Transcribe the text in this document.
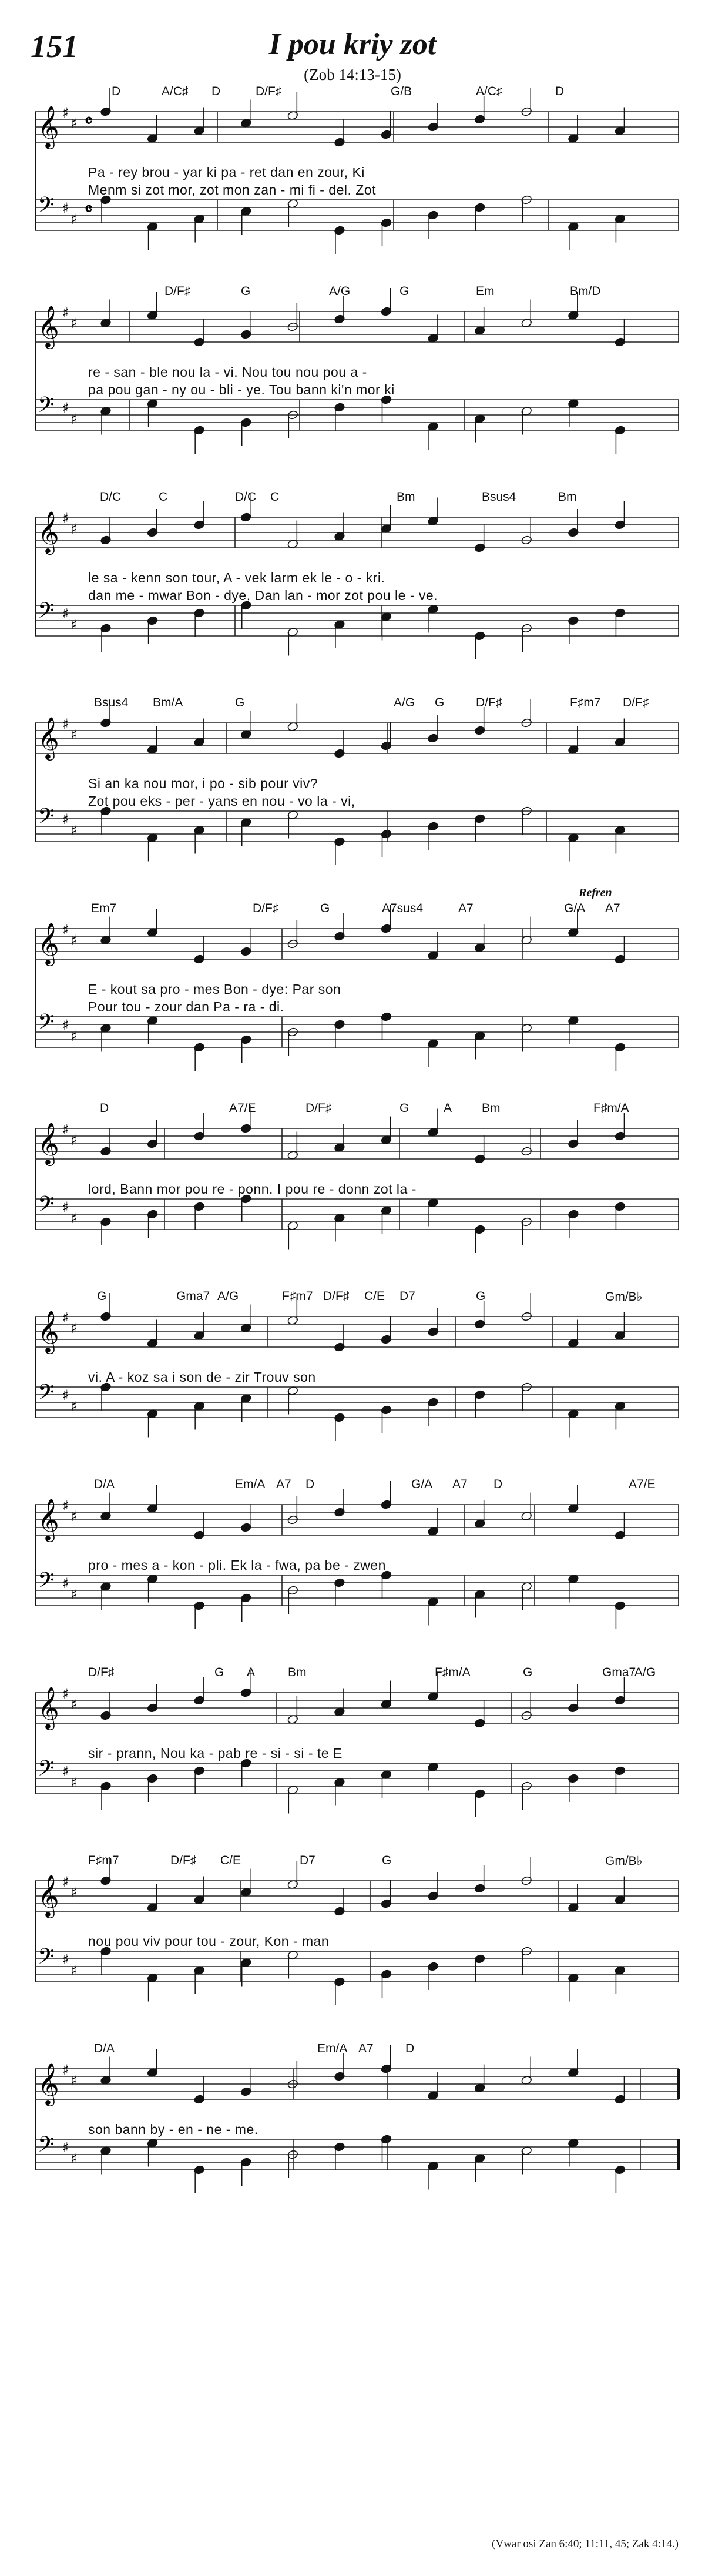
151	I pou kriy zot
(Zob 14:13-15)
Refren
𝄞 ♯
♯ 𝄴
𝄢 ♯
♯ 𝄴
D	A/C♯ D	D/F♯	G/B	A/C♯	D
Pa - rey brou - yar ki pa - ret dan en zour, Ki
Menm si zot mor, zot mon zan - mi fi - del. Zot
𝄞 ♯
♯
𝄢 ♯
♯
D/F♯	G	A/G	G	Em	Bm/D
re - san - ble nou la - vi. Nou tou nou pou a -
pa pou gan - ny ou - bli - ye. Tou bann ki'n mor ki
𝄞 ♯
♯
𝄢 ♯
♯
D/C	C	D/C C	Bm	Bsus4	Bm
le sa - kenn son tour, A - vek larm ek le - o - kri.
dan me - mwar Bon - dye, Dan lan - mor zot pou le - ve.
𝄞 ♯
♯
𝄢 ♯
♯
Bsus4 Bm/A	G	A/G G	D/F♯	F♯m7 D/F♯
Si an ka nou mor, i po - sib pour viv?
Zot pou eks - per - yans en nou - vo la - vi,
𝄞 ♯
♯
𝄢 ♯
♯
Em7	D/F♯	G	A7sus4	A7	G/A A7
E - kout sa pro - mes Bon - dye: Par son
Pour tou - zour dan Pa - ra - di.
𝄞 ♯
♯
𝄢 ♯
♯
D	A7/E	D/F♯	G	A Bm	F♯m/A
lord, Bann mor pou re - ponn. I pou re - donn zot la -
𝄞 ♯
♯
𝄢 ♯
♯
G	Gma7 A/G	F♯m7 D/F♯ C/E D7	G	Gm/B♭
vi. A - koz sa i son de - zir Trouv son
𝄞 ♯
♯
𝄢 ♯
♯
D/A	Em/A A7 D	G/A A7 D	A7/E
pro - mes a - kon - pli. Ek la - fwa, pa be - zwen
𝄞 ♯
♯
𝄢 ♯
♯
D/F♯	G A	Bm	F♯m/A	G	Gma7
A/G
sir - prann, Nou ka - pab re - si - si - te E
𝄞 ♯
♯
𝄢 ♯
♯
F♯m7	D/F♯ C/E	D7	G	Gm/B♭
nou pou viv pour tou - zour, Kon - man
𝄞 ♯
♯
𝄢 ♯
♯
D/A	Em/A A7	D
son bann by - en - ne - me.
(Vwar osi Zan 6:40; 11:11, 45; Zak 4:14.)
